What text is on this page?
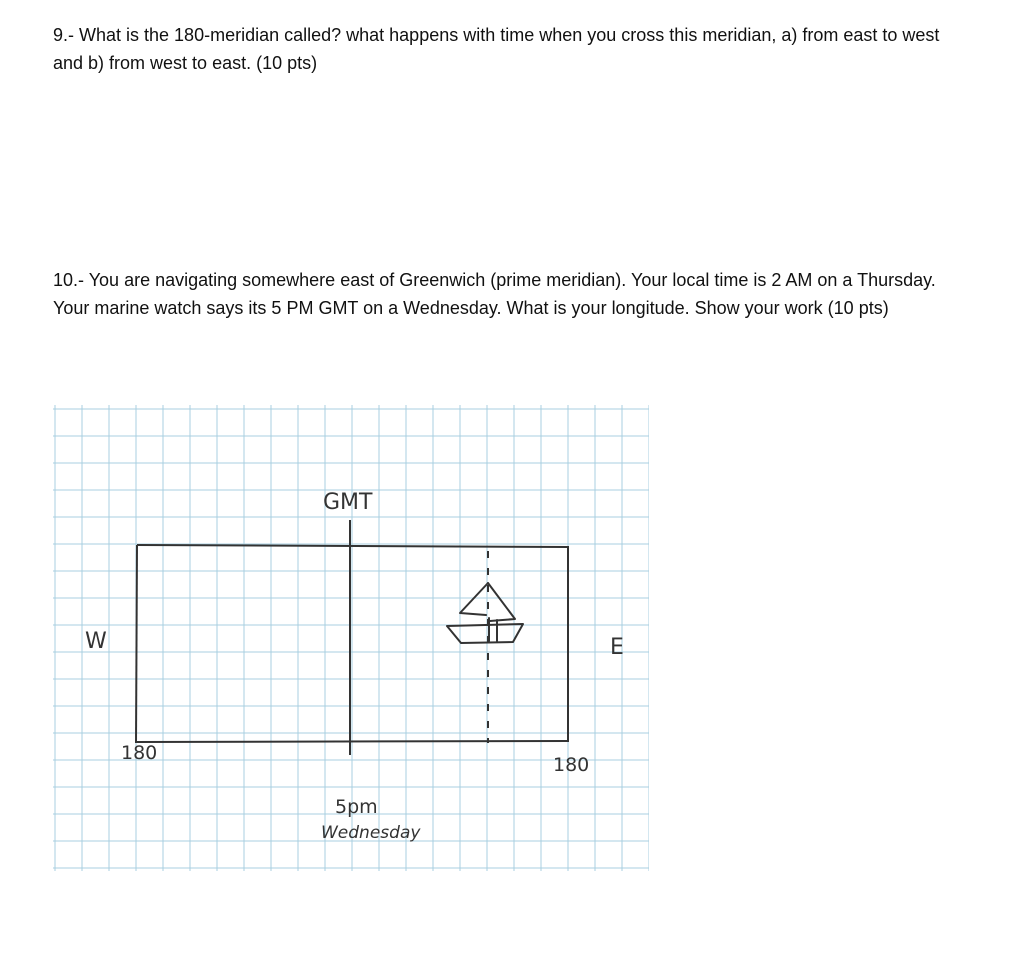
9.- What is the 180-meridian called? what happens with time when you cross this meridian, a) from east to west and b) from west to east. (10 pts)

10.- You are navigating somewhere east of Greenwich (prime meridian). Your local time is 2 AM on a Thursday. Your marine watch says its 5 PM GMT on a Wednesday. What is your longitude. Show your work (10 pts)

GMT
W	E
180
180
5pm
Wednesday
